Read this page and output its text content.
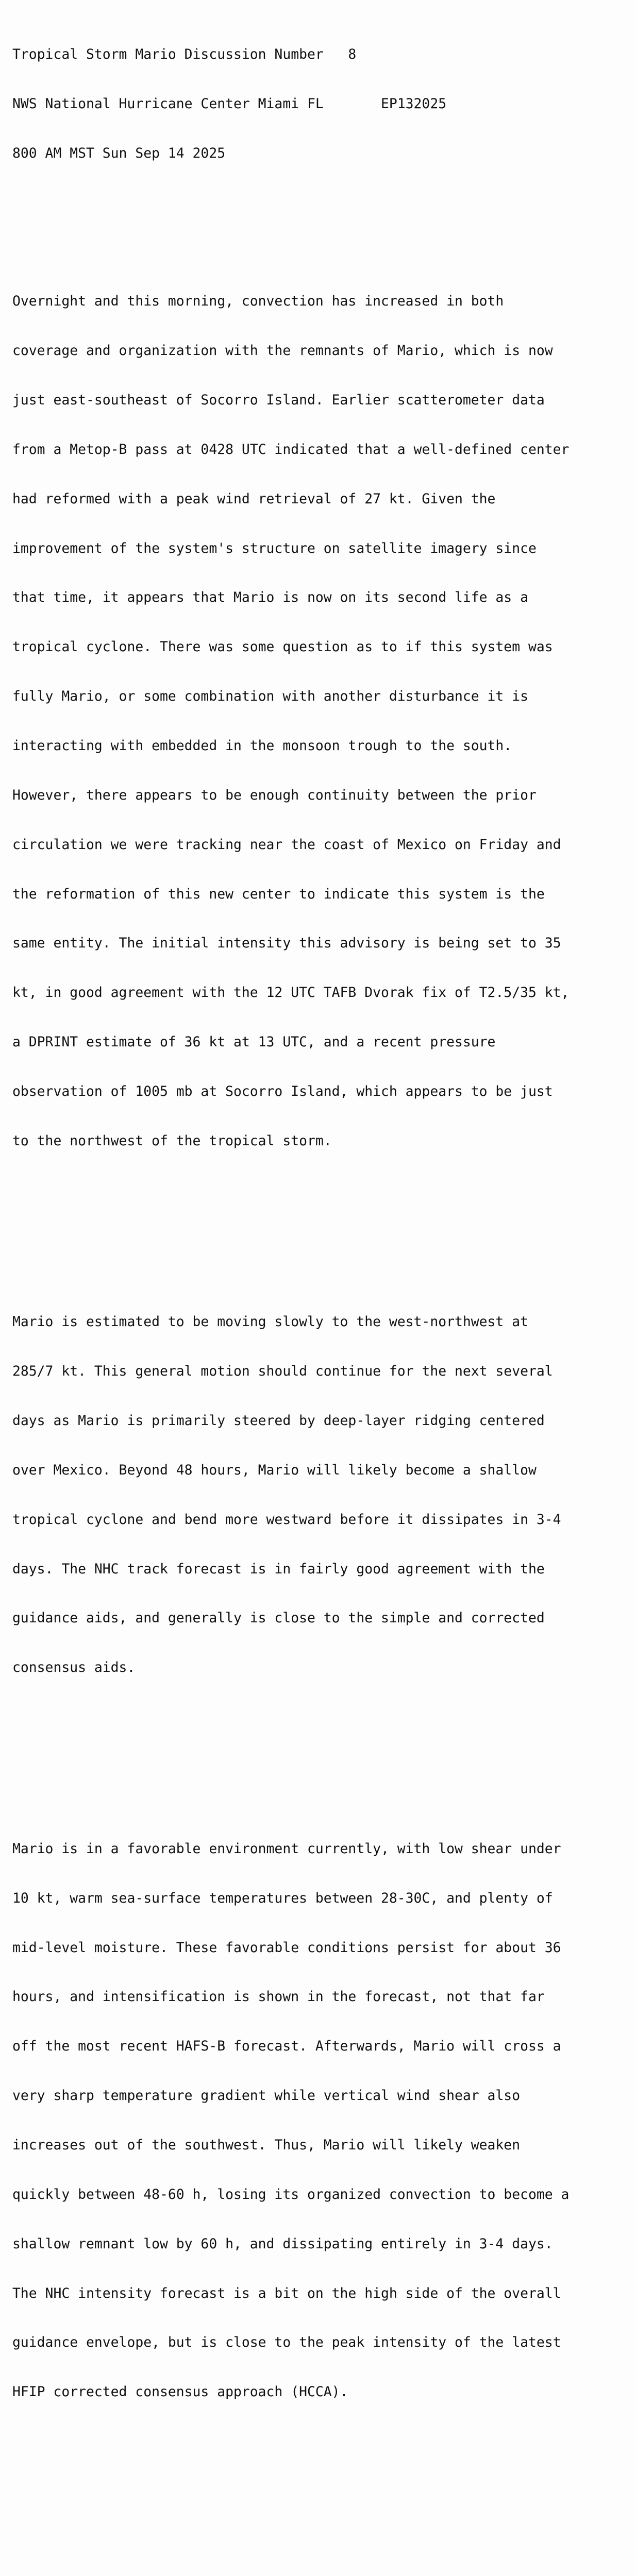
Tropical Storm Mario Discussion Number   8

NWS National Hurricane Center Miami FL       EP132025

800 AM MST Sun Sep 14 2025

Overnight and this morning, convection has increased in both

coverage and organization with the remnants of Mario, which is now

just east-southeast of Socorro Island. Earlier scatterometer data

from a Metop-B pass at 0428 UTC indicated that a well-defined center

had reformed with a peak wind retrieval of 27 kt. Given the

improvement of the system's structure on satellite imagery since

that time, it appears that Mario is now on its second life as a

tropical cyclone. There was some question as to if this system was

fully Mario, or some combination with another disturbance it is

interacting with embedded in the monsoon trough to the south.

However, there appears to be enough continuity between the prior

circulation we were tracking near the coast of Mexico on Friday and

the reformation of this new center to indicate this system is the

same entity. The initial intensity this advisory is being set to 35

kt, in good agreement with the 12 UTC TAFB Dvorak fix of T2.5/35 kt,

a DPRINT estimate of 36 kt at 13 UTC, and a recent pressure

observation of 1005 mb at Socorro Island, which appears to be just

to the northwest of the tropical storm.

Mario is estimated to be moving slowly to the west-northwest at

285/7 kt. This general motion should continue for the next several

days as Mario is primarily steered by deep-layer ridging centered

over Mexico. Beyond 48 hours, Mario will likely become a shallow

tropical cyclone and bend more westward before it dissipates in 3-4

days. The NHC track forecast is in fairly good agreement with the

guidance aids, and generally is close to the simple and corrected

consensus aids.

Mario is in a favorable environment currently, with low shear under

10 kt, warm sea-surface temperatures between 28-30C, and plenty of

mid-level moisture. These favorable conditions persist for about 36

hours, and intensification is shown in the forecast, not that far

off the most recent HAFS-B forecast. Afterwards, Mario will cross a

very sharp temperature gradient while vertical wind shear also

increases out of the southwest. Thus, Mario will likely weaken

quickly between 48-60 h, losing its organized convection to become a

shallow remnant low by 60 h, and dissipating entirely in 3-4 days.

The NHC intensity forecast is a bit on the high side of the overall

guidance envelope, but is close to the peak intensity of the latest

HFIP corrected consensus approach (HCCA).
